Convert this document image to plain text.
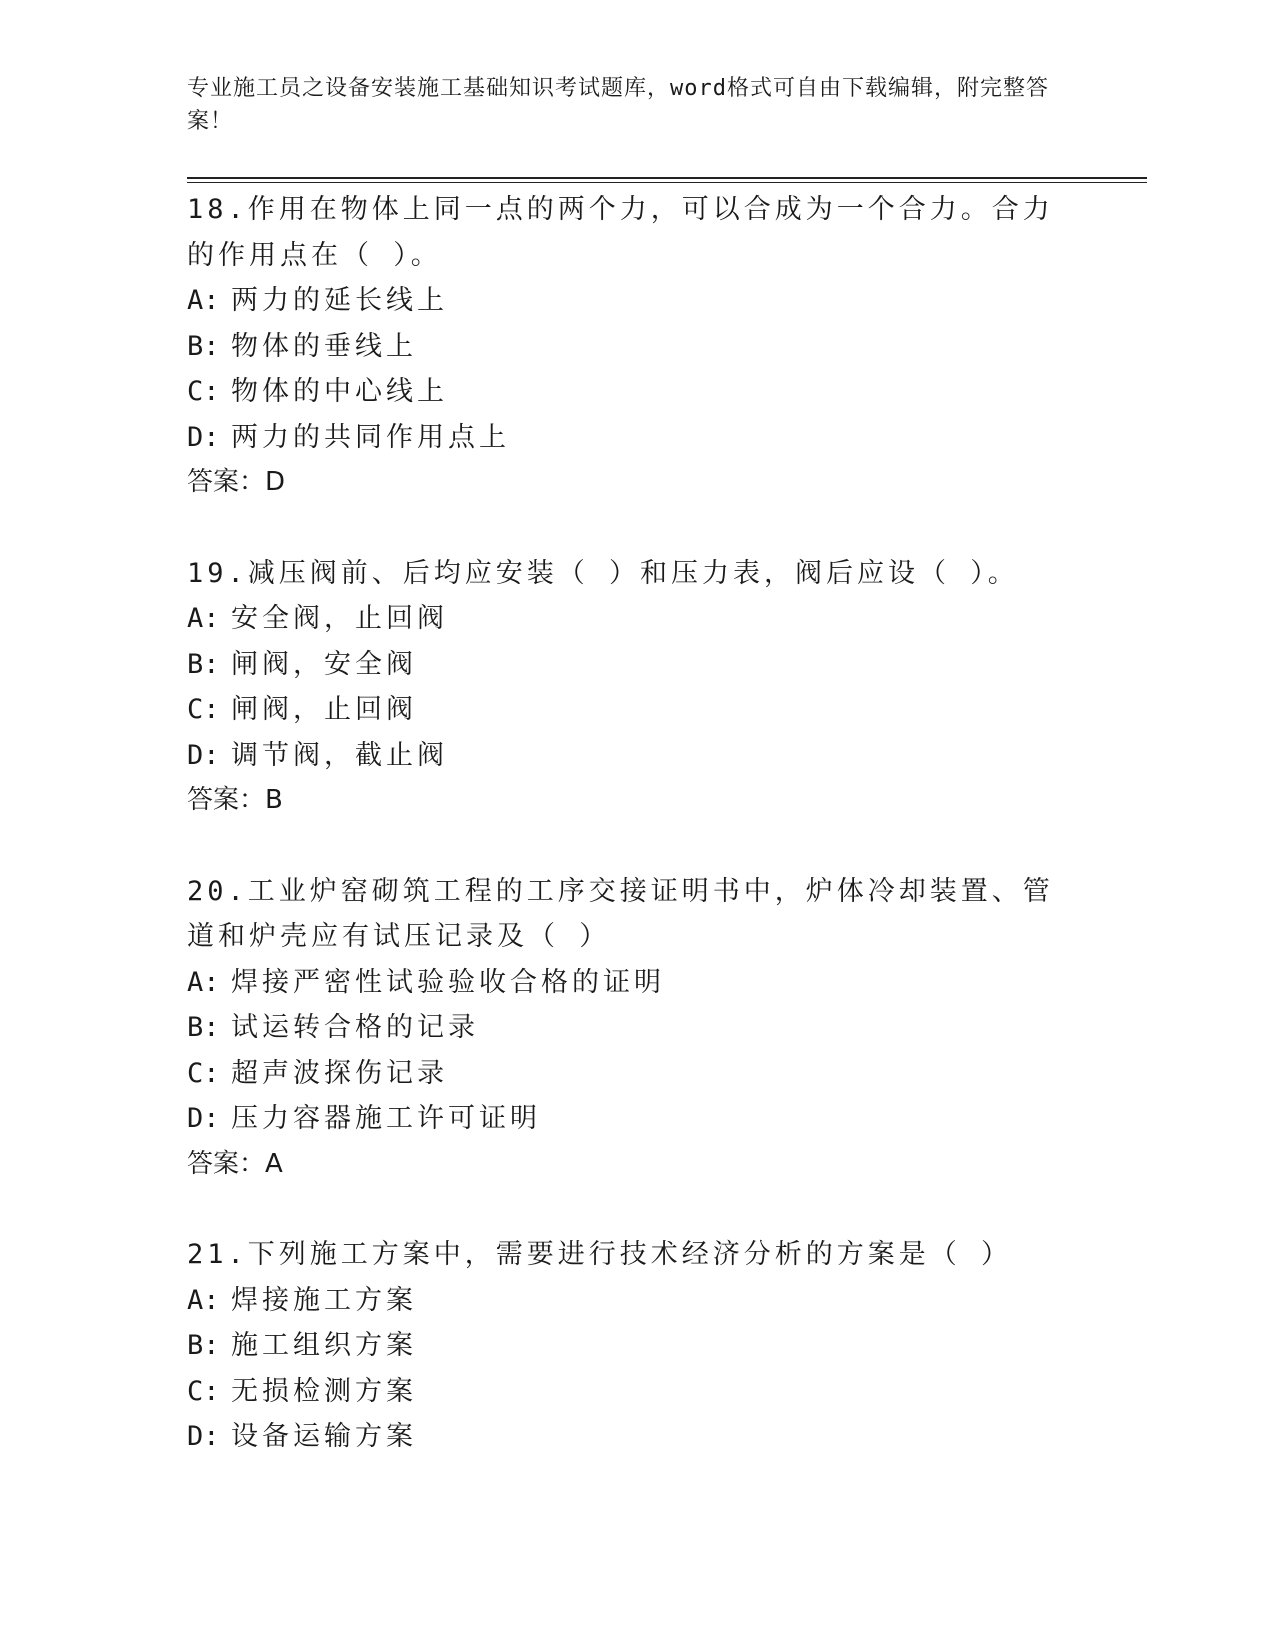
专业施工员之设备安装施工基础知识考试题库，word格式可自由下载编辑，附完整答案！

18.作用在物体上同一点的两个力，可以合成为一个合力。合力的作用点在（ ）。

A: 两力的延长线上

B: 物体的垂线上

C: 物体的中心线上

D: 两力的共同作用点上

答案：D

19.减压阀前、后均应安装（ ）和压力表，阀后应设（ ）。

A: 安全阀，止回阀

B: 闸阀，安全阀

C: 闸阀，止回阀

D: 调节阀，截止阀

答案：B

20.工业炉窑砌筑工程的工序交接证明书中，炉体冷却装置、管道和炉壳应有试压记录及（ ）

A: 焊接严密性试验验收合格的证明

B: 试运转合格的记录

C: 超声波探伤记录

D: 压力容器施工许可证明

答案：A

21.下列施工方案中，需要进行技术经济分析的方案是（ ）

A: 焊接施工方案

B: 施工组织方案

C: 无损检测方案

D: 设备运输方案
